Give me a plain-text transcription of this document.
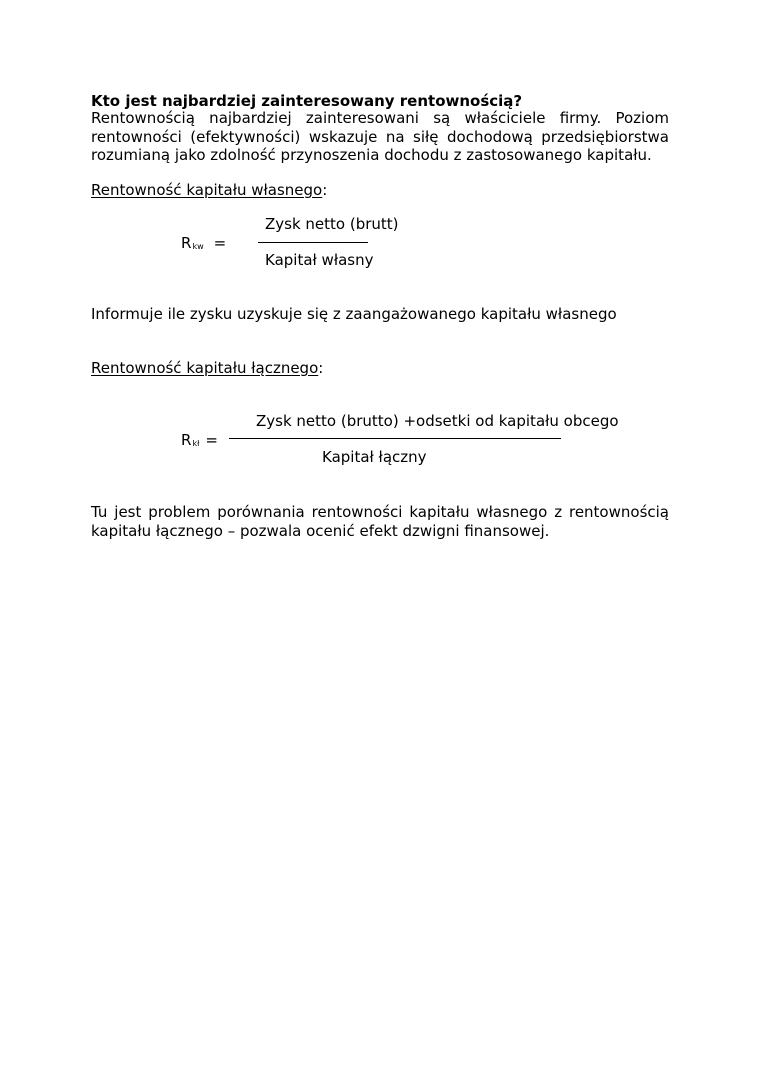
Kto jest najbardziej zainteresowany rentownością?

Rentownością najbardziej zainteresowani są właściciele firmy. Poziom rentowności (efektywności) wskazuje na siłę dochodową przedsiębiorstwa rozumianą jako zdolność przynoszenia dochodu z zastosowanego kapitału.

Rentowność kapitału własnego:

$R_{kw}$ =
Zysk netto (brutt)
Kapitał własny

Informuje ile zysku uzyskuje się z zaangażowanego kapitału własnego

Rentowność kapitału łącznego:

$R_{kł}$ =
Zysk netto (brutto) +odsetki od kapitału obcego
Kapitał łączny

Tu jest problem porównania rentowności kapitału własnego z rentownością kapitału łącznego – pozwala ocenić efekt dzwigni finansowej.
